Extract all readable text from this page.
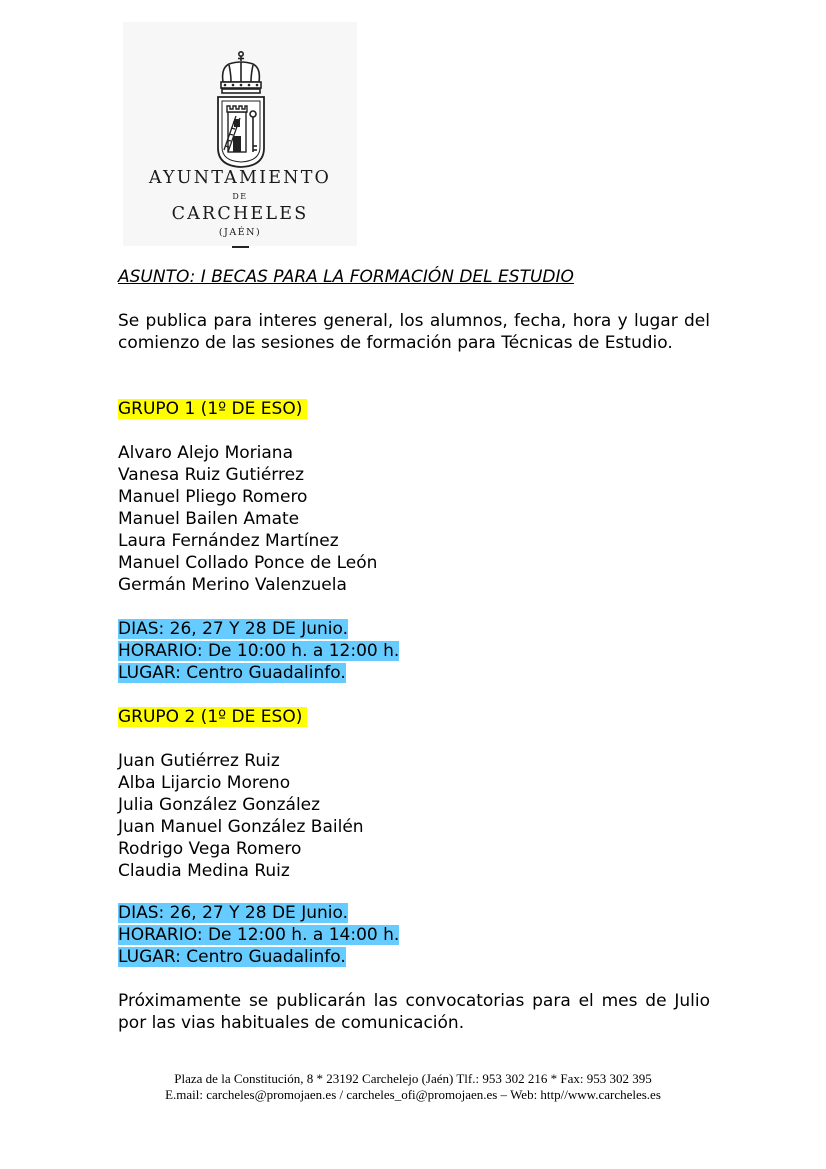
AYUNTAMIENTO
DE
CARCHELES
(JAÉN)
ASUNTO: I BECAS PARA LA FORMACIÓN DEL ESTUDIO
Se publica para interes general, los alumnos, fecha, hora y lugar del comienzo de las sesiones de formación para Técnicas de Estudio.
GRUPO 1 (1º DE ESO)
Alvaro Alejo Moriana
Vanesa Ruiz Gutiérrez
Manuel Pliego Romero
Manuel Bailen Amate
Laura Fernández Martínez
Manuel Collado Ponce de León
Germán Merino Valenzuela
DIAS: 26, 27 Y 28 DE Junio.
HORARIO: De 10:00 h. a 12:00 h.
LUGAR: Centro Guadalinfo.
GRUPO 2 (1º DE ESO)
Juan Gutiérrez Ruiz
Alba Lijarcio Moreno
Julia González González
Juan Manuel González Bailén
Rodrigo Vega Romero
Claudia Medina Ruiz
DIAS: 26, 27 Y 28 DE Junio.
HORARIO: De 12:00 h. a 14:00 h.
LUGAR: Centro Guadalinfo.
Próximamente se publicarán las convocatorias para el mes de Julio por las vias habituales de comunicación.
Plaza de la Constitución, 8 * 23192 Carchelejo (Jaén) Tlf.: 953 302 216 * Fax: 953 302 395
E.mail: carcheles@promojaen.es / carcheles_ofi@promojaen.es – Web: http//www.carcheles.es
